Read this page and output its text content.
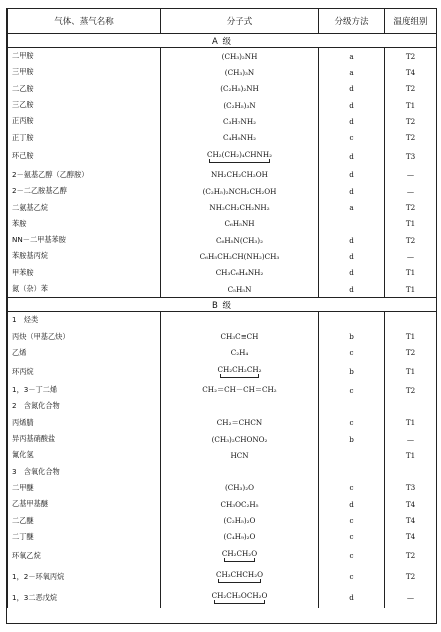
气体、蒸气名称	分子式	分级方法	温度组别
A 级			
二甲胺	(CH₃)₂NH	a	T2
三甲胺	(CH₃)₃N	a	T4
二乙胺	(C₂H₅)₂NH	d	T2
三乙胺	(C₂H₅)₃N	d	T1
正丙胺	C₃H₇NH₂	d	T2
正丁胺	C₄H₉NH₂	c	T2
环己胺	CH₂(CH₂)₄CHNH₂	d	T3
2－氨基乙醇（乙醇胺）	NH₂CH₂CH₂OH	d	—
2－二乙胺基乙醇	(C₂H₅)₂NCH₂CH₂OH	d	—
二氨基乙烷	NH₂CH₂CH₂NH₂	a	T2
苯胺	C₆H₅NH		T1
NN－二甲基苯胺	C₆H₅N(CH₃)₂	d	T2
苯胺基丙烷	C₆H₅CH₂CH(NH₂)CH₃	d	—
甲苯胺	CH₃C₆H₄NH₂	d	T1
氮（杂）苯	C₅H₅N	d	T1
B 级			
1　烃类			
丙炔（甲基乙炔）	CH₃C≡CH	b	T1
乙烯	C₂H₄	c	T2
环丙烷	CH₂CH₂CH₂	b	T1
1，3－丁二烯	CH₂＝CH－CH＝CH₂	c	T2
2　含氮化合物			
丙烯腈	CH₂＝CHCN	c	T1
异丙基硝酸盐	(CH₃)₂CHONO₂	b	—
氰化氢	HCN		T1
3　含氧化合物			
二甲醚	(CH₃)₂O	c	T3
乙基甲基醚	CH₃OC₂H₅	d	T4
二乙醚	(C₂H₅)₂O	c	T4
二丁醚	(C₄H₉)₂O	c	T4
环氧乙烷	CH₂CH₂O	c	T2
1，2－环氧丙烷	CH₃CHCH₂O	c	T2
1，3二恶戊烷	CH₂CH₂OCH₂O	d	—
